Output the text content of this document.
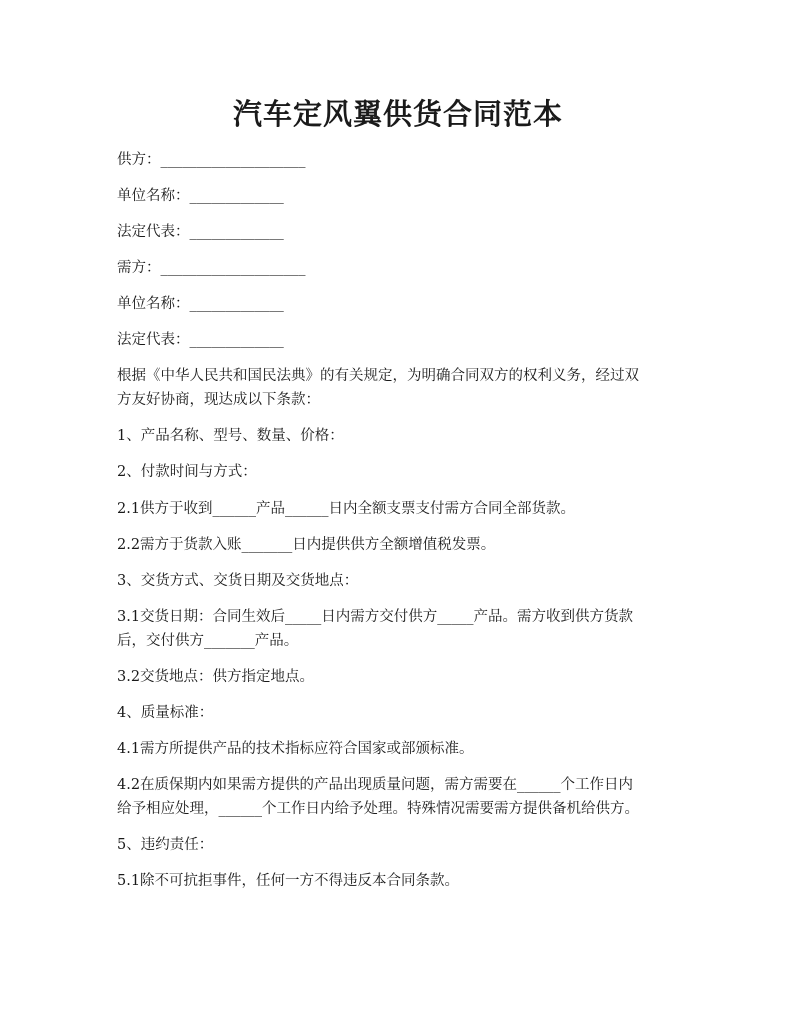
汽车定风翼供货合同范本
供方：____________________
单位名称：_____________
法定代表：_____________
需方：____________________
单位名称：_____________
法定代表：_____________
根据《中华人民共和国民法典》的有关规定，为明确合同双方的权利义务，经过双
方友好协商，现达成以下条款：
1、产品名称、型号、数量、价格：
2、付款时间与方式：
2.1供方于收到______产品______日内全额支票支付需方合同全部货款。
2.2需方于货款入账_______日内提供供方全额增值税发票。
3、交货方式、交货日期及交货地点：
3.1交货日期：合同生效后_____日内需方交付供方_____产品。需方收到供方货款
后，交付供方_______产品。
3.2交货地点：供方指定地点。
4、质量标准：
4.1需方所提供产品的技术指标应符合国家或部颁标准。
4.2在质保期内如果需方提供的产品出现质量问题，需方需要在______个工作日内
给予相应处理，______个工作日内给予处理。特殊情况需要需方提供备机给供方。
5、违约责任：
5.1除不可抗拒事件，任何一方不得违反本合同条款。
